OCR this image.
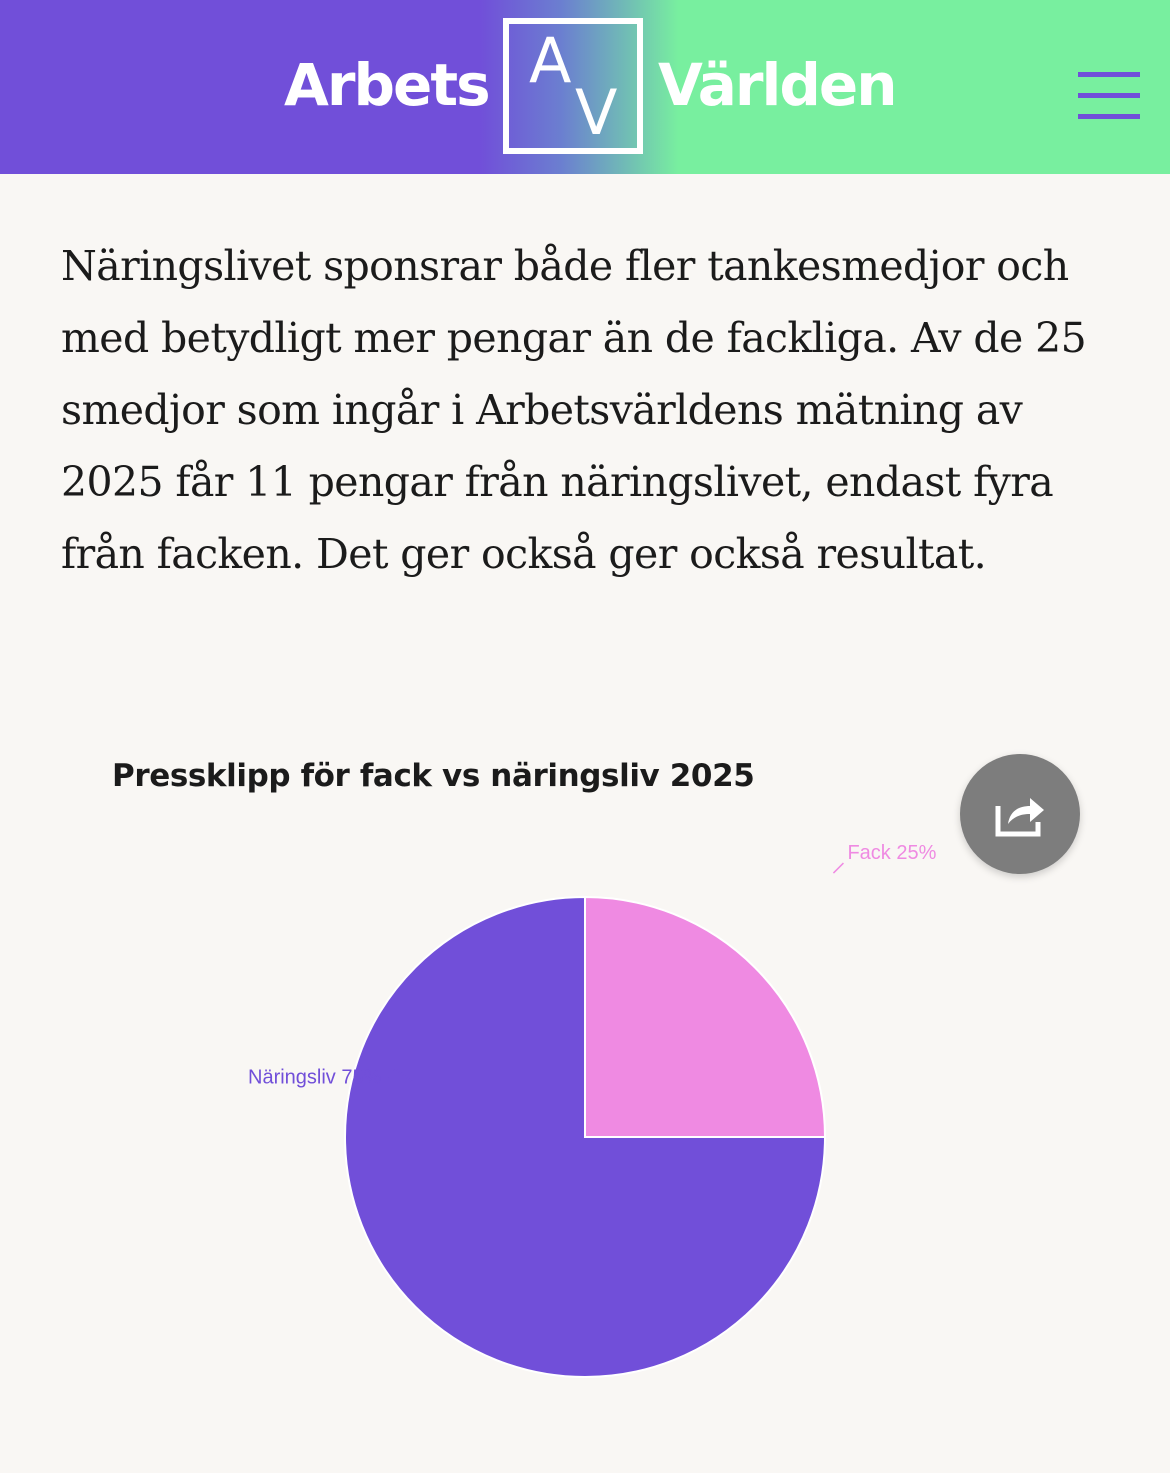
Arbets A
V Världen

Näringslivet sponsrar både fler tankesmedjor och med betydligt mer pengar än de fackliga. Av de 25 smedjor som ingår i Arbetsvärldens mätning av 2025 får 11 pengar från näringslivet, endast fyra från facken. Det ger också ger också resultat.

Pressklipp för fack vs näringsliv 2025
Fack 25%
Näringsliv 75%
